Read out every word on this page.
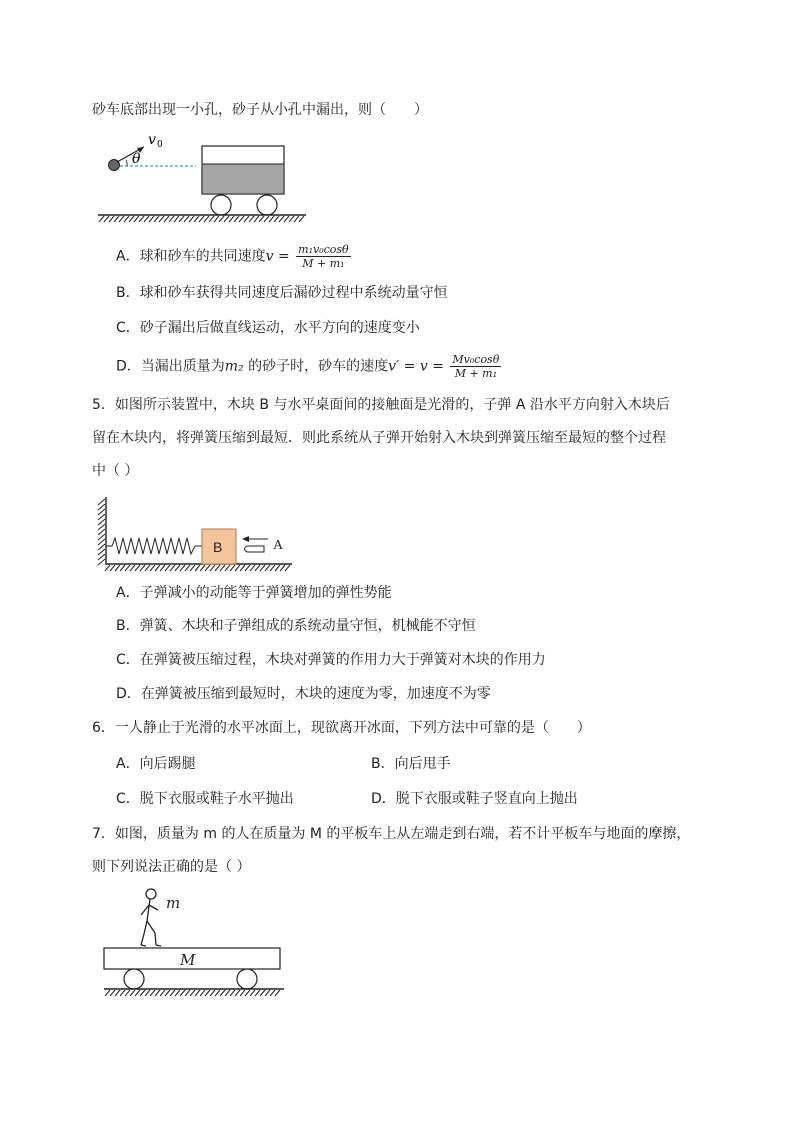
砂车底部出现一小孔，砂子从小孔中漏出，则（　　）
v 0
θ
A．球和砂车的共同速度$v = \frac{\text{m₁v₀cosθ}}{\text{M + m₁}}$
B．球和砂车获得共同速度后漏砂过程中系统动量守恒
C．砂子漏出后做直线运动，水平方向的速度变小
D．当漏出质量为m₂ 的砂子时，砂车的速度$v' = v = \frac{\text{Mv₀cosθ}}{\text{M + m₁}}$
5．如图所示装置中，木块 B 与水平桌面间的接触面是光滑的，子弹 A 沿水平方向射入木块后
留在木块内，将弹簧压缩到最短．则此系统从子弹开始射入木块到弹簧压缩至最短的整个过程
中（ ）
B	A
A．子弹减小的动能等于弹簧增加的弹性势能
B．弹簧、木块和子弹组成的系统动量守恒，机械能不守恒
C．在弹簧被压缩过程，木块对弹簧的作用力大于弹簧对木块的作用力
D．在弹簧被压缩到最短时，木块的速度为零，加速度不为零
6．一人静止于光滑的水平冰面上，现欲离开冰面，下列方法中可靠的是（　　）
A．向后踢腿	B．向后甩手
C．脱下衣服或鞋子水平抛出	D．脱下衣服或鞋子竖直向上抛出
7．如图，质量为 m 的人在质量为 M 的平板车上从左端走到右端，若不计平板车与地面的摩擦，
则下列说法正确的是（ ）
m
M
